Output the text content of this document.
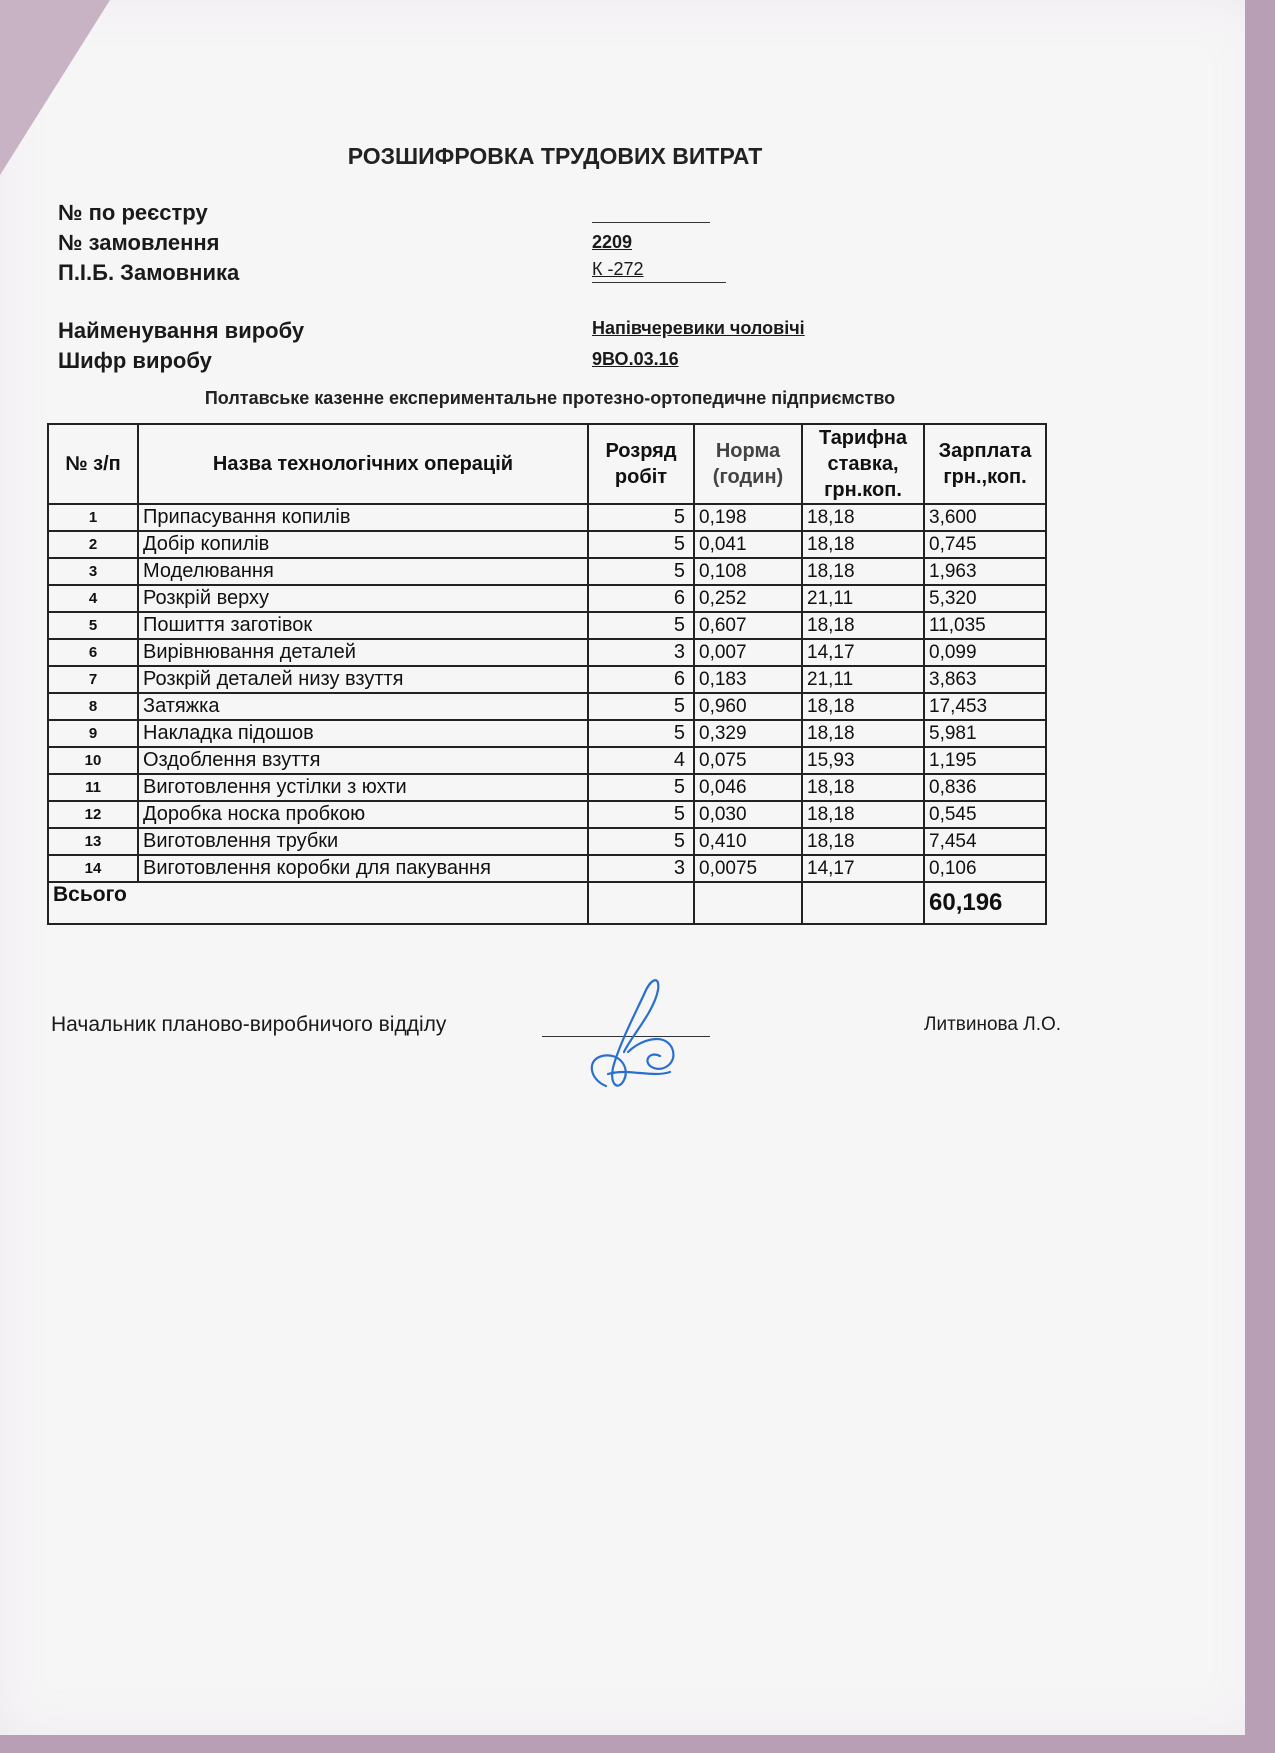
РОЗШИФРОВКА ТРУДОВИХ ВИТРАТ
№ по реєстру
№ замовлення	2209
П.І.Б. Замовника	К -272
Найменування виробу	Напівчеревики чоловічі
Шифр виробу	9ВО.03.16
Полтавське казенне експериментальне протезно-ортопедичне підприємство
№ з/п	Назва технологічних операцій	Розряд робіт	Норма (годин)	Тарифна ставка, грн.коп.	Зарплата грн.,коп.
1	Припасування копилів	5	0,198	18,18	3,600
2	Добір копилів	5	0,041	18,18	0,745
3	Моделювання	5	0,108	18,18	1,963
4	Розкрій верху	6	0,252	21,11	5,320
5	Пошиття заготівок	5	0,607	18,18	11,035
6	Вирівнювання деталей	3	0,007	14,17	0,099
7	Розкрій деталей низу взуття	6	0,183	21,11	3,863
8	Затяжка	5	0,960	18,18	17,453
9	Накладка підошов	5	0,329	18,18	5,981
10	Оздоблення взуття	4	0,075	15,93	1,195
11	Виготовлення устілки з юхти	5	0,046	18,18	0,836
12	Доробка носка пробкою	5	0,030	18,18	0,545
13	Виготовлення трубки	5	0,410	18,18	7,454
14	Виготовлення коробки для пакування	3	0,0075	14,17	0,106
Всього					60,196
Начальник планово-виробничого відділу	Литвинова Л.О.
